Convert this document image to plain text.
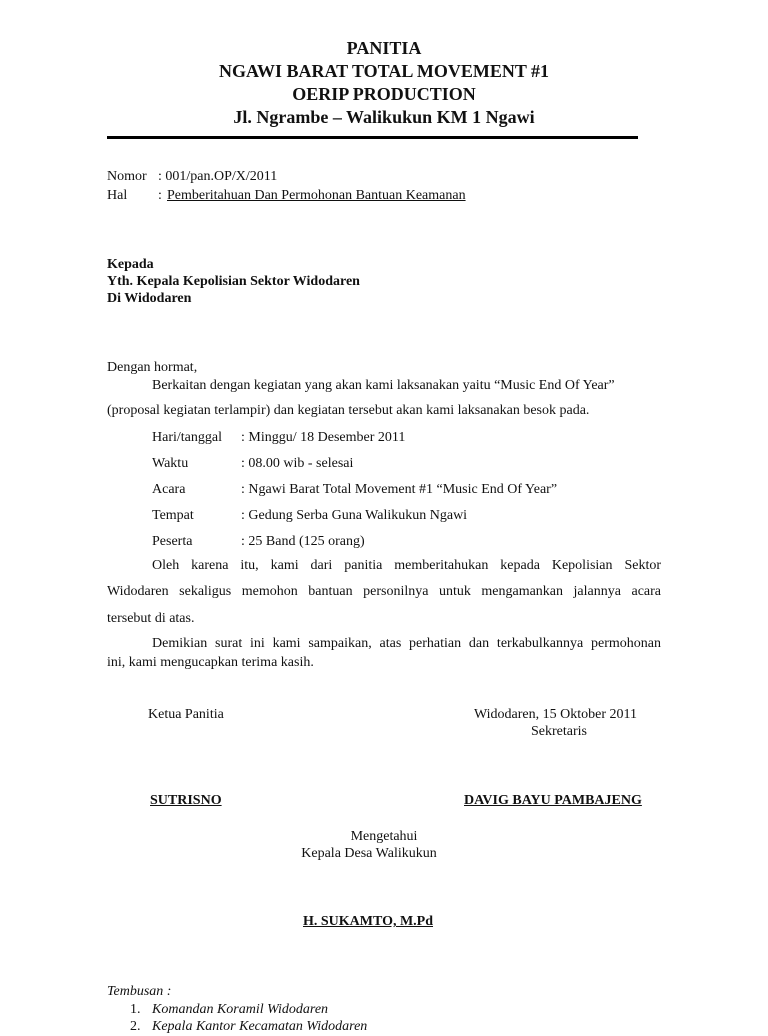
PANITIA
NGAWI BARAT TOTAL MOVEMENT #1
OERIP PRODUCTION
Jl. Ngrambe – Walikukun KM 1 Ngawi
Nomor : 001/pan.OP/X/2011
Hal : Pemberitahuan Dan Permohonan Bantuan Keamanan
Kepada
Yth. Kepala Kepolisian Sektor Widodaren
Di Widodaren
Dengan hormat,
Berkaitan dengan kegiatan yang akan kami laksanakan yaitu “Music End Of Year”
(proposal kegiatan terlampir) dan kegiatan tersebut akan kami laksanakan besok pada.
Hari/tanggal : Minggu/ 18 Desember 2011
Waktu	: 08.00 wib - selesai
Acara	: Ngawi Barat Total Movement #1 “Music End Of Year”
Tempat	: Gedung Serba Guna Walikukun Ngawi
Peserta	: 25 Band (125 orang)
Oleh karena itu, kami dari panitia memberitahukan kepada Kepolisian Sektor
Widodaren sekaligus memohon bantuan personilnya untuk mengamankan jalannya acara
tersebut di atas.
Demikian surat ini kami sampaikan, atas perhatian dan terkabulkannya permohonan
ini, kami mengucapkan terima kasih.
Ketua Panitia	Widodaren, 15 Oktober 2011
Sekretaris
SUTRISNO	DAVIG BAYU PAMBAJENG
Mengetahui
Kepala Desa Walikukun
H. SUKAMTO, M.Pd
Tembusan :
1. Komandan Koramil Widodaren
2. Kepala Kantor Kecamatan Widodaren
